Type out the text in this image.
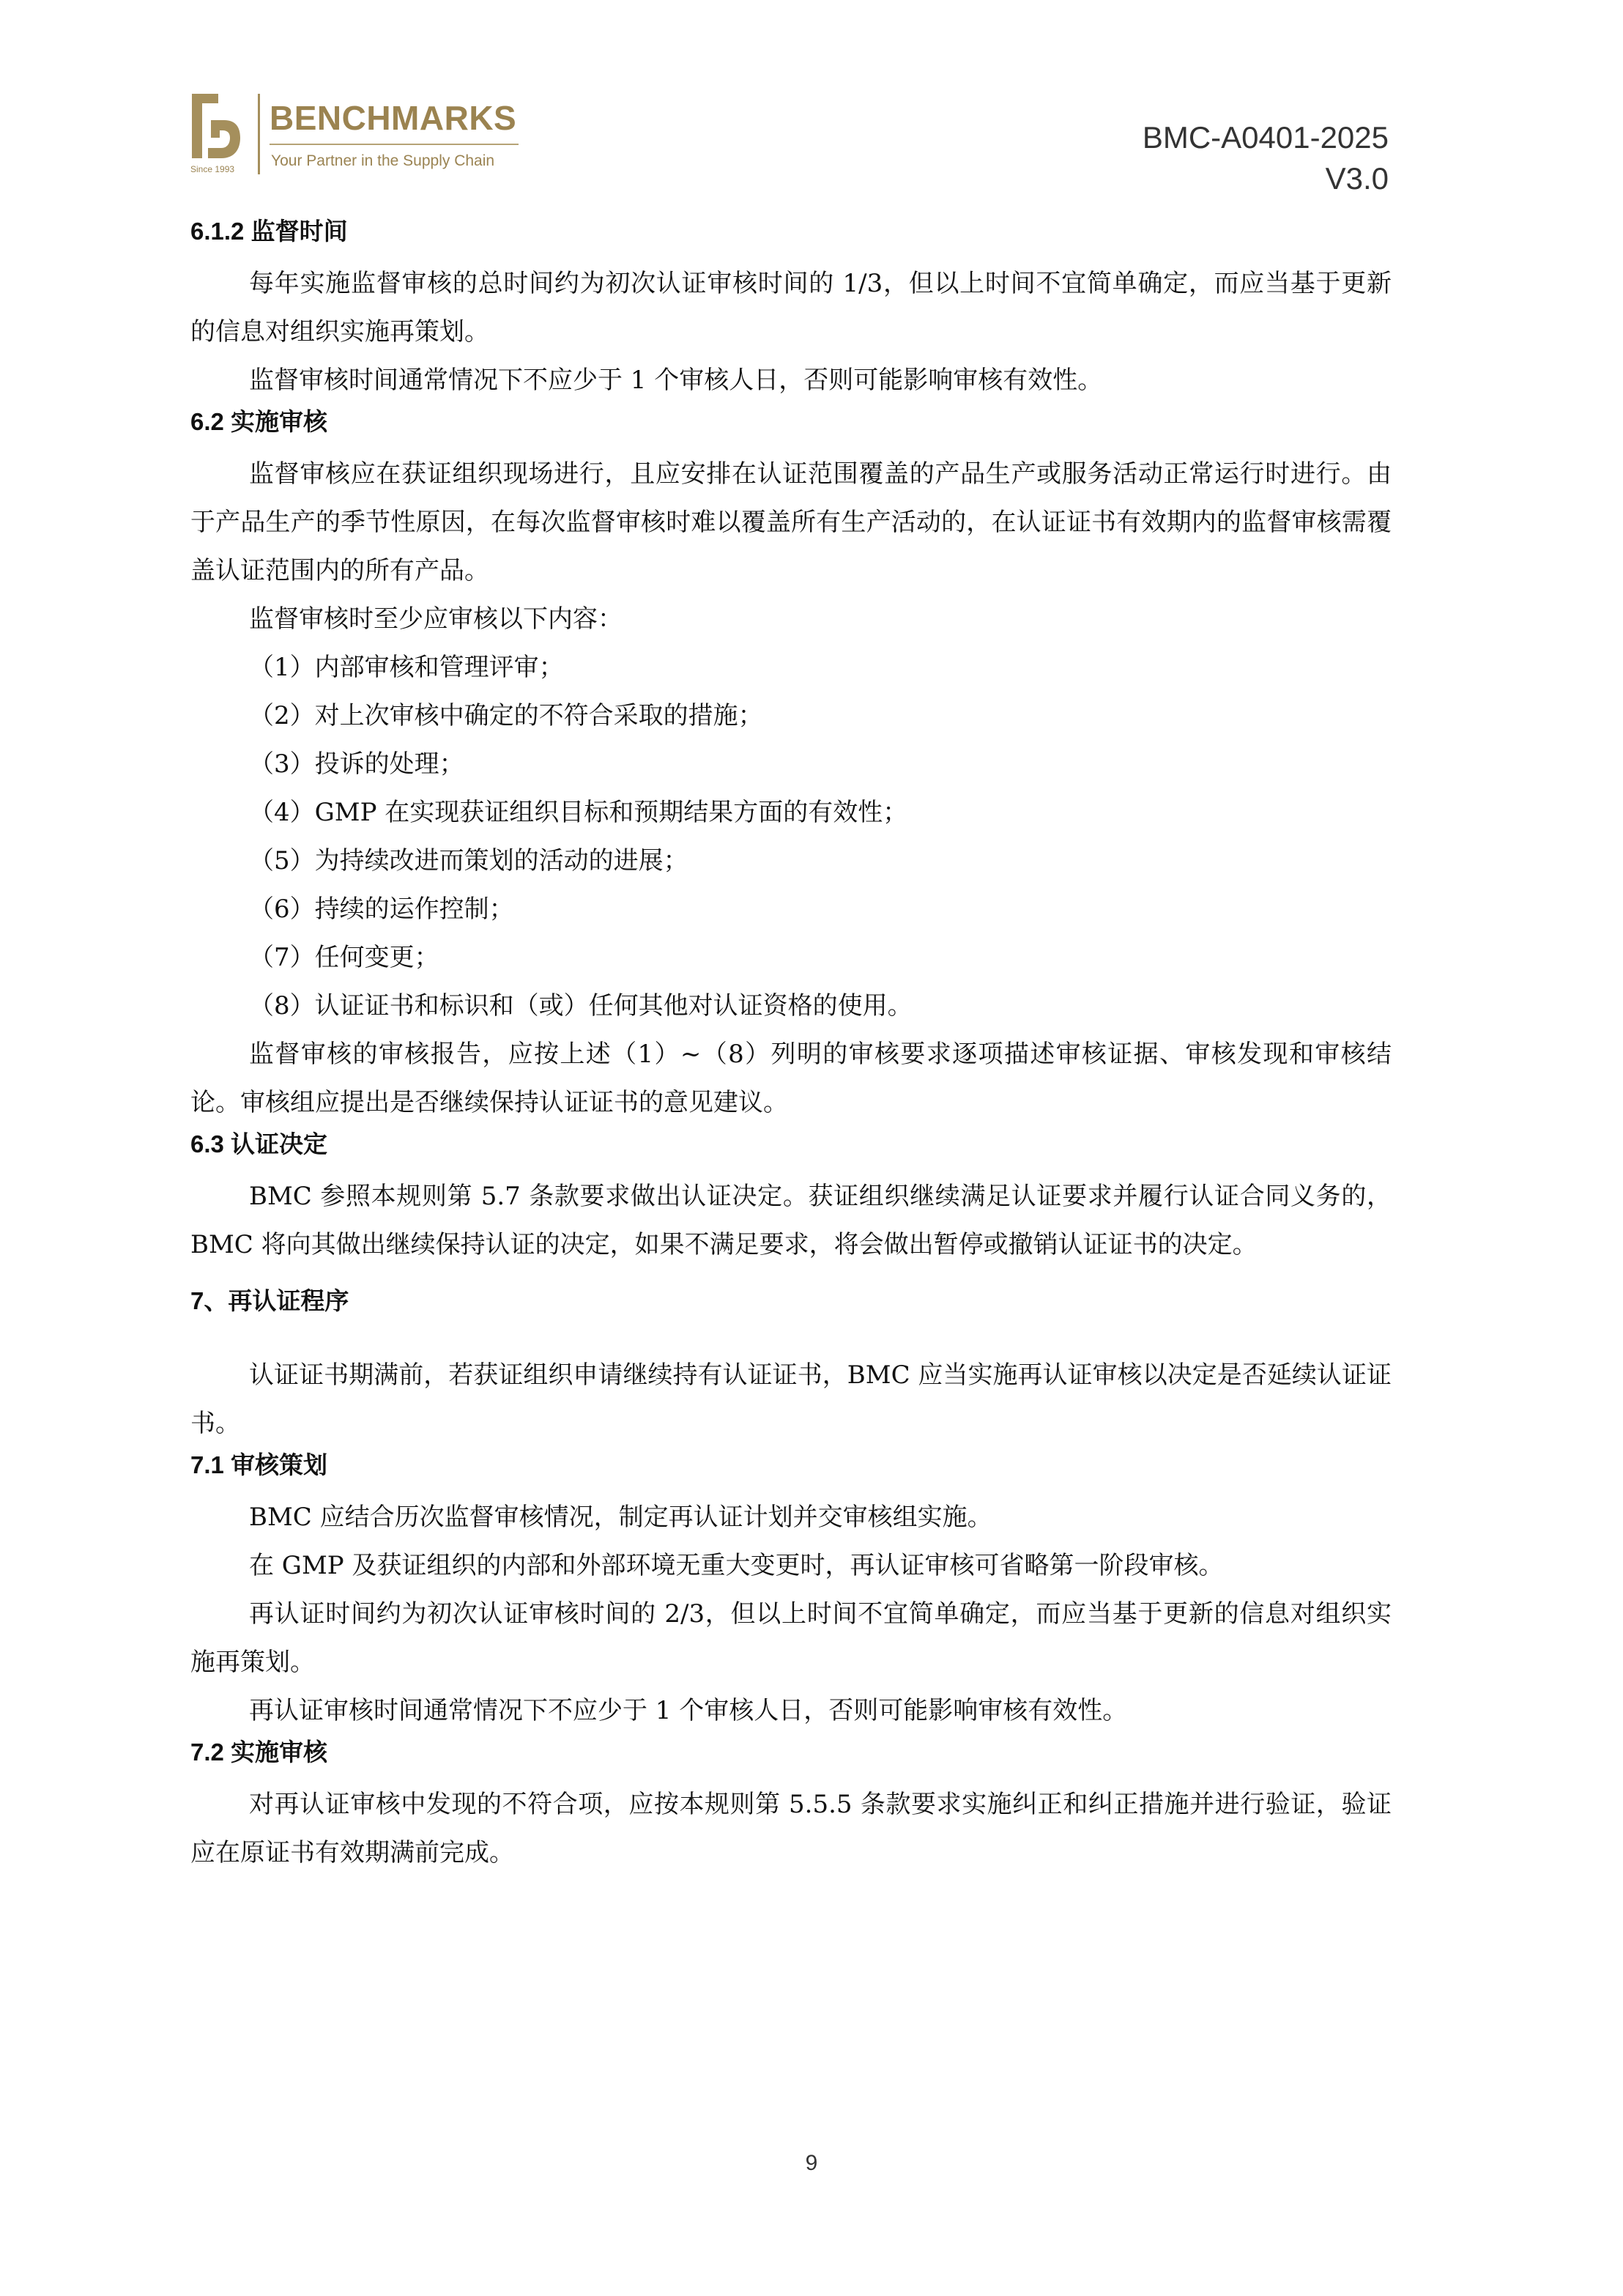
Since 1993
BENCHMARKS
Your Partner in the Supply Chain
BMC-A0401-2025
V3.0
6.1.2 监督时间

每年实施监督审核的总时间约为初次认证审核时间的 1/3，但以上时间不宜简单确定，而应当基于更新的信息对组织实施再策划。

监督审核时间通常情况下不应少于 1 个审核人日，否则可能影响审核有效性。

6.2 实施审核

监督审核应在获证组织现场进行，且应安排在认证范围覆盖的产品生产或服务活动正常运行时进行。由于产品生产的季节性原因，在每次监督审核时难以覆盖所有生产活动的，在认证证书有效期内的监督审核需覆盖认证范围内的所有产品。

监督审核时至少应审核以下内容：

（1）内部审核和管理评审；

（2）对上次审核中确定的不符合采取的措施；

（3）投诉的处理；

（4）GMP 在实现获证组织目标和预期结果方面的有效性；

（5）为持续改进而策划的活动的进展；

（6）持续的运作控制；

（7）任何变更；

（8）认证证书和标识和（或）任何其他对认证资格的使用。

监督审核的审核报告，应按上述（1）~（8）列明的审核要求逐项描述审核证据、审核发现和审核结论。审核组应提出是否继续保持认证证书的意见建议。

6.3 认证决定

BMC 参照本规则第 5.7 条款要求做出认证决定。获证组织继续满足认证要求并履行认证合同义务的，BMC 将向其做出继续保持认证的决定，如果不满足要求，将会做出暂停或撤销认证证书的决定。

7、再认证程序

认证证书期满前，若获证组织申请继续持有认证证书，BMC 应当实施再认证审核以决定是否延续认证证书。

7.1 审核策划

BMC 应结合历次监督审核情况，制定再认证计划并交审核组实施。

在 GMP 及获证组织的内部和外部环境无重大变更时，再认证审核可省略第一阶段审核。

再认证时间约为初次认证审核时间的 2/3，但以上时间不宜简单确定，而应当基于更新的信息对组织实施再策划。

再认证审核时间通常情况下不应少于 1 个审核人日，否则可能影响审核有效性。

7.2 实施审核

对再认证审核中发现的不符合项，应按本规则第 5.5.5 条款要求实施纠正和纠正措施并进行验证，验证应在原证书有效期满前完成。

9
